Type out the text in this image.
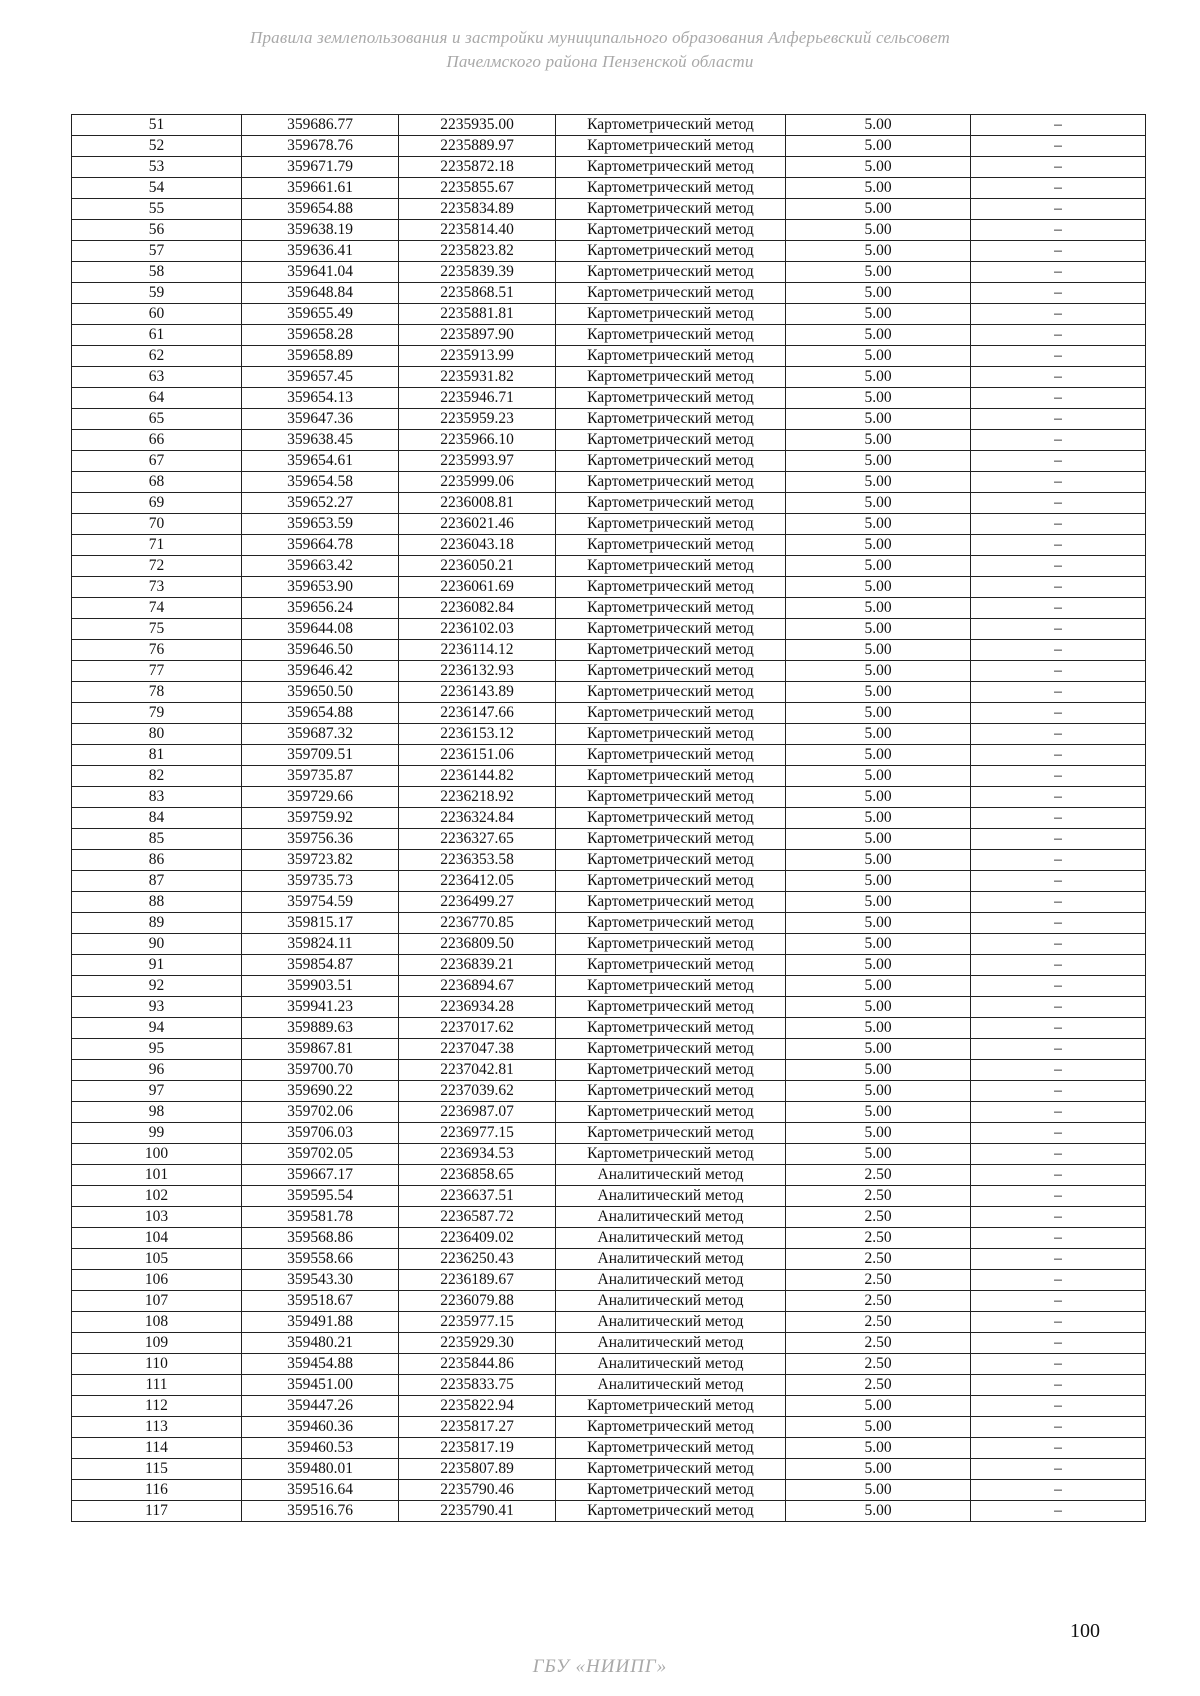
Правила землепользования и застройки муниципального образования Алферьевский сельсовет
Пачелмского района Пензенской области
51	359686.77	2235935.00	Картометрический метод	5.00	–
52	359678.76	2235889.97	Картометрический метод	5.00	–
53	359671.79	2235872.18	Картометрический метод	5.00	–
54	359661.61	2235855.67	Картометрический метод	5.00	–
55	359654.88	2235834.89	Картометрический метод	5.00	–
56	359638.19	2235814.40	Картометрический метод	5.00	–
57	359636.41	2235823.82	Картометрический метод	5.00	–
58	359641.04	2235839.39	Картометрический метод	5.00	–
59	359648.84	2235868.51	Картометрический метод	5.00	–
60	359655.49	2235881.81	Картометрический метод	5.00	–
61	359658.28	2235897.90	Картометрический метод	5.00	–
62	359658.89	2235913.99	Картометрический метод	5.00	–
63	359657.45	2235931.82	Картометрический метод	5.00	–
64	359654.13	2235946.71	Картометрический метод	5.00	–
65	359647.36	2235959.23	Картометрический метод	5.00	–
66	359638.45	2235966.10	Картометрический метод	5.00	–
67	359654.61	2235993.97	Картометрический метод	5.00	–
68	359654.58	2235999.06	Картометрический метод	5.00	–
69	359652.27	2236008.81	Картометрический метод	5.00	–
70	359653.59	2236021.46	Картометрический метод	5.00	–
71	359664.78	2236043.18	Картометрический метод	5.00	–
72	359663.42	2236050.21	Картометрический метод	5.00	–
73	359653.90	2236061.69	Картометрический метод	5.00	–
74	359656.24	2236082.84	Картометрический метод	5.00	–
75	359644.08	2236102.03	Картометрический метод	5.00	–
76	359646.50	2236114.12	Картометрический метод	5.00	–
77	359646.42	2236132.93	Картометрический метод	5.00	–
78	359650.50	2236143.89	Картометрический метод	5.00	–
79	359654.88	2236147.66	Картометрический метод	5.00	–
80	359687.32	2236153.12	Картометрический метод	5.00	–
81	359709.51	2236151.06	Картометрический метод	5.00	–
82	359735.87	2236144.82	Картометрический метод	5.00	–
83	359729.66	2236218.92	Картометрический метод	5.00	–
84	359759.92	2236324.84	Картометрический метод	5.00	–
85	359756.36	2236327.65	Картометрический метод	5.00	–
86	359723.82	2236353.58	Картометрический метод	5.00	–
87	359735.73	2236412.05	Картометрический метод	5.00	–
88	359754.59	2236499.27	Картометрический метод	5.00	–
89	359815.17	2236770.85	Картометрический метод	5.00	–
90	359824.11	2236809.50	Картометрический метод	5.00	–
91	359854.87	2236839.21	Картометрический метод	5.00	–
92	359903.51	2236894.67	Картометрический метод	5.00	–
93	359941.23	2236934.28	Картометрический метод	5.00	–
94	359889.63	2237017.62	Картометрический метод	5.00	–
95	359867.81	2237047.38	Картометрический метод	5.00	–
96	359700.70	2237042.81	Картометрический метод	5.00	–
97	359690.22	2237039.62	Картометрический метод	5.00	–
98	359702.06	2236987.07	Картометрический метод	5.00	–
99	359706.03	2236977.15	Картометрический метод	5.00	–
100	359702.05	2236934.53	Картометрический метод	5.00	–
101	359667.17	2236858.65	Аналитический метод	2.50	–
102	359595.54	2236637.51	Аналитический метод	2.50	–
103	359581.78	2236587.72	Аналитический метод	2.50	–
104	359568.86	2236409.02	Аналитический метод	2.50	–
105	359558.66	2236250.43	Аналитический метод	2.50	–
106	359543.30	2236189.67	Аналитический метод	2.50	–
107	359518.67	2236079.88	Аналитический метод	2.50	–
108	359491.88	2235977.15	Аналитический метод	2.50	–
109	359480.21	2235929.30	Аналитический метод	2.50	–
110	359454.88	2235844.86	Аналитический метод	2.50	–
111	359451.00	2235833.75	Аналитический метод	2.50	–
112	359447.26	2235822.94	Картометрический метод	5.00	–
113	359460.36	2235817.27	Картометрический метод	5.00	–
114	359460.53	2235817.19	Картометрический метод	5.00	–
115	359480.01	2235807.89	Картометрический метод	5.00	–
116	359516.64	2235790.46	Картометрический метод	5.00	–
117	359516.76	2235790.41	Картометрический метод	5.00	–
100
ГБУ «НИИПГ»
